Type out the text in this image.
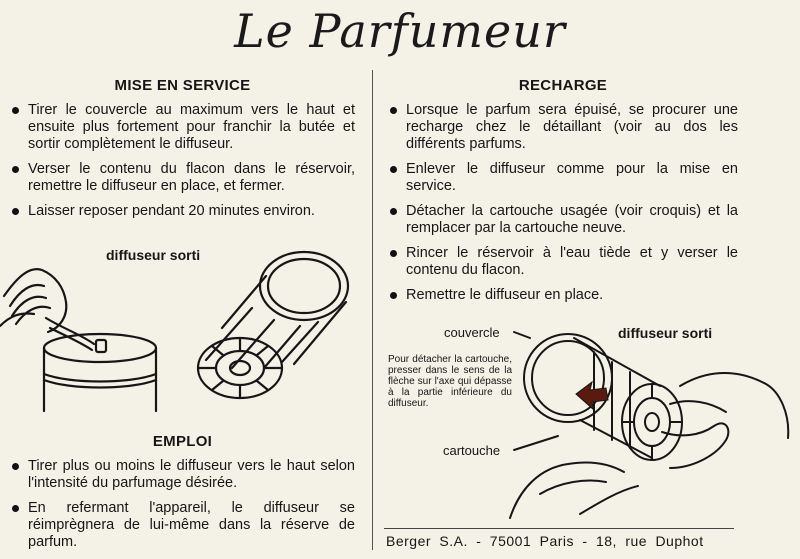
Le Parfumeur
MISE EN SERVICE
Tirer le couvercle au maximum vers le haut et ensuite plus fortement pour franchir la butée et sortir complètement le diffuseur.
Verser le contenu du flacon dans le réservoir, remettre le diffuseur en place, et fermer.
Laisser reposer pendant 20 minutes environ.
diffuseur sorti
EMPLOI
Tirer plus ou moins le diffuseur vers le haut selon l'intensité du parfumage désirée.
En refermant l'appareil, le diffuseur se réimprègnera de lui-même dans la réserve de parfum.
RECHARGE
Lorsque le parfum sera épuisé, se procurer une recharge chez le détaillant (voir au dos les différents parfums.
Enlever le diffuseur comme pour la mise en service.
Détacher la cartouche usagée (voir croquis) et la remplacer par la cartouche neuve.
Rincer le réservoir à l'eau tiède et y verser le contenu du flacon.
Remettre le diffuseur en place.
couvercle	diffuseur sorti
Pour détacher la cartouche, presser dans le sens de la flèche sur l'axe qui dépasse à la partie inférieure du diffuseur.
cartouche
Berger S.A. - 75001 Paris - 18, rue Duphot
